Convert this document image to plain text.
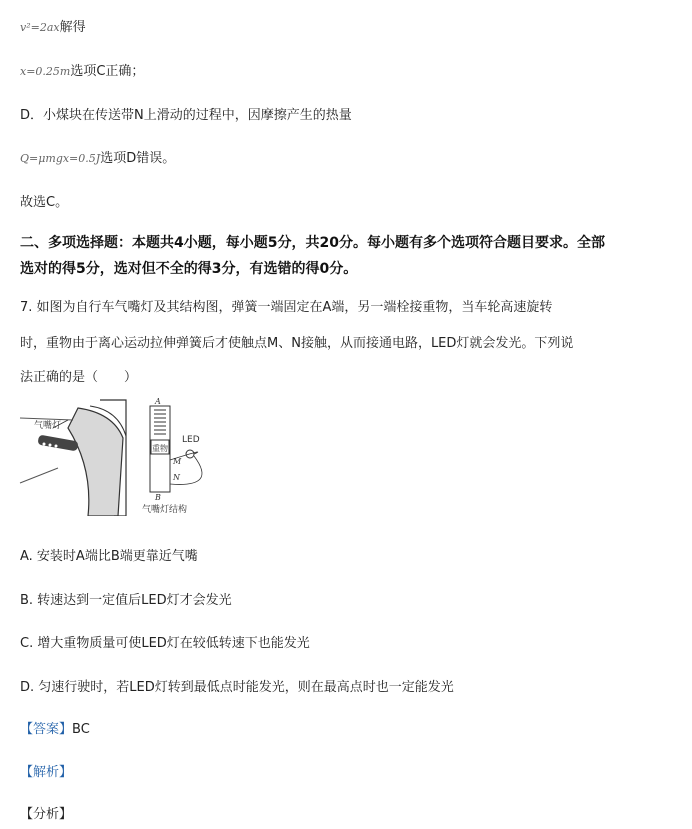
v²=2ax解得
x=0.25m选项C正确；
D．小煤块在传送带N上滑动的过程中，因摩擦产生的热量
Q=μmgx=0.5J选项D错误。
故选C。
二、多项选择题：本题共4小题，每小题5分，共20分。每小题有多个选项符合题目要求。全部
选对的得5分，选对但不全的得3分，有选错的得0分。
7. 如图为自行车气嘴灯及其结构图，弹簧一端固定在A端，另一端栓接重物，当车轮高速旋转
时，重物由于离心运动拉伸弹簧后才使触点M、N接触，从而接通电路，LED灯就会发光。下列说
法正确的是（　　）
气嘴灯
重物
A
B
M
N
LED
气嘴灯结构
A. 安装时A端比B端更靠近气嘴
B. 转速达到一定值后LED灯才会发光
C. 增大重物质量可使LED灯在较低转速下也能发光
D. 匀速行驶时，若LED灯转到最低点时能发光，则在最高点时也一定能发光
【答案】BC
【解析】
【分析】
